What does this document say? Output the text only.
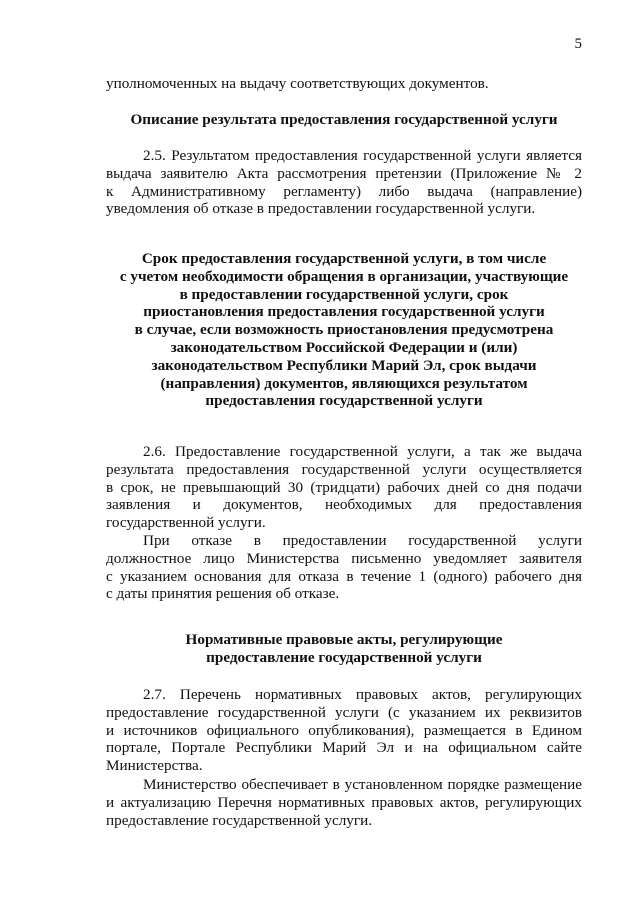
5
уполномоченных на выдачу соответствующих документов.
Описание результата предоставления государственной услуги
2.5. Результатом предоставления государственной услуги является
выдача заявителю Акта рассмотрения претензии (Приложение № 2
к Административному регламенту) либо выдача (направление)
уведомления об отказе в предоставлении государственной услуги.
Срок предоставления государственной услуги, в том числе
с учетом необходимости обращения в организации, участвующие
в предоставлении государственной услуги, срок
приостановления предоставления государственной услуги
в случае, если возможность приостановления предусмотрена
законодательством Российской Федерации и (или)
законодательством Республики Марий Эл, срок выдачи
(направления) документов, являющихся результатом
предоставления государственной услуги
2.6. Предоставление государственной услуги, а так же выдача
результата предоставления государственной услуги осуществляется
в срок, не превышающий 30 (тридцати) рабочих дней со дня подачи
заявления и документов, необходимых для предоставления
государственной услуги.
При отказе в предоставлении государственной услуги
должностное лицо Министерства письменно уведомляет заявителя
с указанием основания для отказа в течение 1 (одного) рабочего дня
с даты принятия решения об отказе.
Нормативные правовые акты, регулирующие
предоставление государственной услуги
2.7. Перечень нормативных правовых актов, регулирующих
предоставление государственной услуги (с указанием их реквизитов
и источников официального опубликования), размещается в Едином
портале, Портале Республики Марий Эл и на официальном сайте
Министерства.
Министерство обеспечивает в установленном порядке размещение
и актуализацию Перечня нормативных правовых актов, регулирующих
предоставление государственной услуги.
